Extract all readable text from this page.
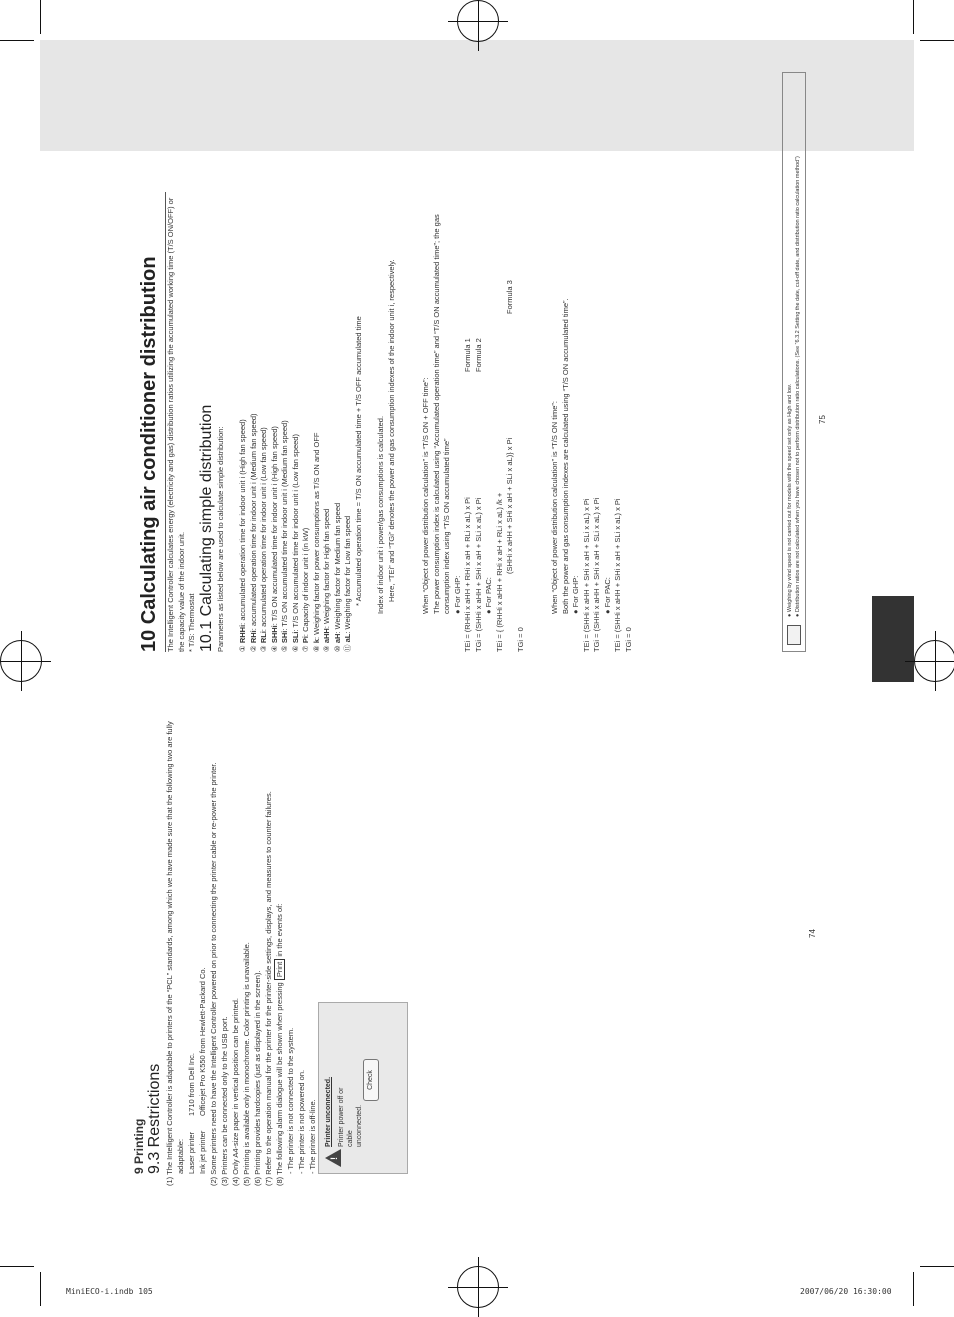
MiniECO-i.indb 105	2007/06/20 16:30:00
9 Printing 9.3 Restrictions (1) The Intelligent Controller is adaptable to printers of the “PCL” standards, among which we have made sure that the following two are fully adaptable: Laser printer1710 from Dell Inc.
Ink jet printerOfficejet Pro K550 from Hewlett-Packard Co. (2) Some printers need to have the Intelligent Controller powered on prior to connecting the printer cable or re-power the printer. (3) Printers can be connected only to the USB port. (4) Only A4-size paper in vertical position can be printed. (5) Printing is available only in monochrome. Color printing is unavailable. (6) Printing provides hardcopies (just as displayed in the screen). (7) Refer to the operation manual for the printer for the printer-side settings, displays, and measures to counter failures. (8) The following alarm dialogue will be shown when pressing Print in the events of:
- The printer is not connected to the system. - The printer is not powered on. - The printer is off-line. !
Printer unconnected. Printer power off or cable unconnected.
Check
74
10 Calculating air conditioner distribution The Intelligent Controller calculates energy (electricity and gas) distribution ratios utilizing the accumulated working time (T/S ON/OFF) or the capacity value of the indoor unit. * T/S: Thermostat 10.1 Calculating simple distribution Parameters as listed below are used to calculate simple distribution: ① RHHi: accumulated operation time for indoor unit i (High fan speed)
② RHi: accumulated operation time for indoor unit i (Medium fan speed)
③ RLi: accumulated operation time for indoor unit i (Low fan speed)
④ SHHi: T/S ON accumulated time for indoor unit i (High fan speed)
⑤ SHi: T/S ON accumulated time for indoor unit i (Medium fan speed)
⑥ SLi: T/S ON accumulated time for indoor unit i (Low fan speed)
⑦ Pi: Capacity of indoor unit i (in kW)
⑧ k: Weighing factor for power consumptions as T/S ON and OFF
⑨ aHH: Weighing factor for High fan speed
⑩ aH: Weighing factor for Medium fan speed
⑪ aL: Weighing factor for Low fan speed * Accumulated operation time = T/S ON accumulated time + T/S OFF accumulated time Index of indoor unit i power/gas consumptions is calculated. Here, “TEi” and “TGi” denotes the power and gas consumption indexes of the indoor unit i, respectively.	When “Object of power distribution calculation” is “T/S ON + OFF time”: The power consumption index is calculated using “Accumulated operation time” and “T/S ON accumulated time”; the gas consumption index using “T/S ON accumulated time” ● For GHP: TEi = (RHHi x aHH + RHi x aH + RLi x aL) x PiFormula 1
TGi = (SHHi x aHH + SHi x aH + SLi x aL) x PiFormula 2
● For PAC: TEi = { (RHHi x aHH + RHi x aH + RLi x aL) /k + (SHHi x aHH + SHi x aH + SLi x aL)} x PiFormula 3
TGi = 0
When “Object of power distribution calculation” is “T/S ON time”: Both the power and gas consumption indexes are calculated using “T/S ON accumulated time”. ● For GHP: TEi = (SHHi x aHH + SHi x aH + SLi x aL) x Pi TGi = (SHHi x aHH + SHi x aH + SLi x aL) x Pi ● For PAC: TEi = (SHHi x aHH + SHi x aH + SLi x aL) x Pi TGi = 0
● Weighing by wind speed is not carried out for models with the speed set only as High and low. ● Distribution ratios are not calculated when you have chosen not to perform distribution ratio calculations. (See “6.3.2 Setting the date, cut-off date, and distribution ratio calculation method”) 75
